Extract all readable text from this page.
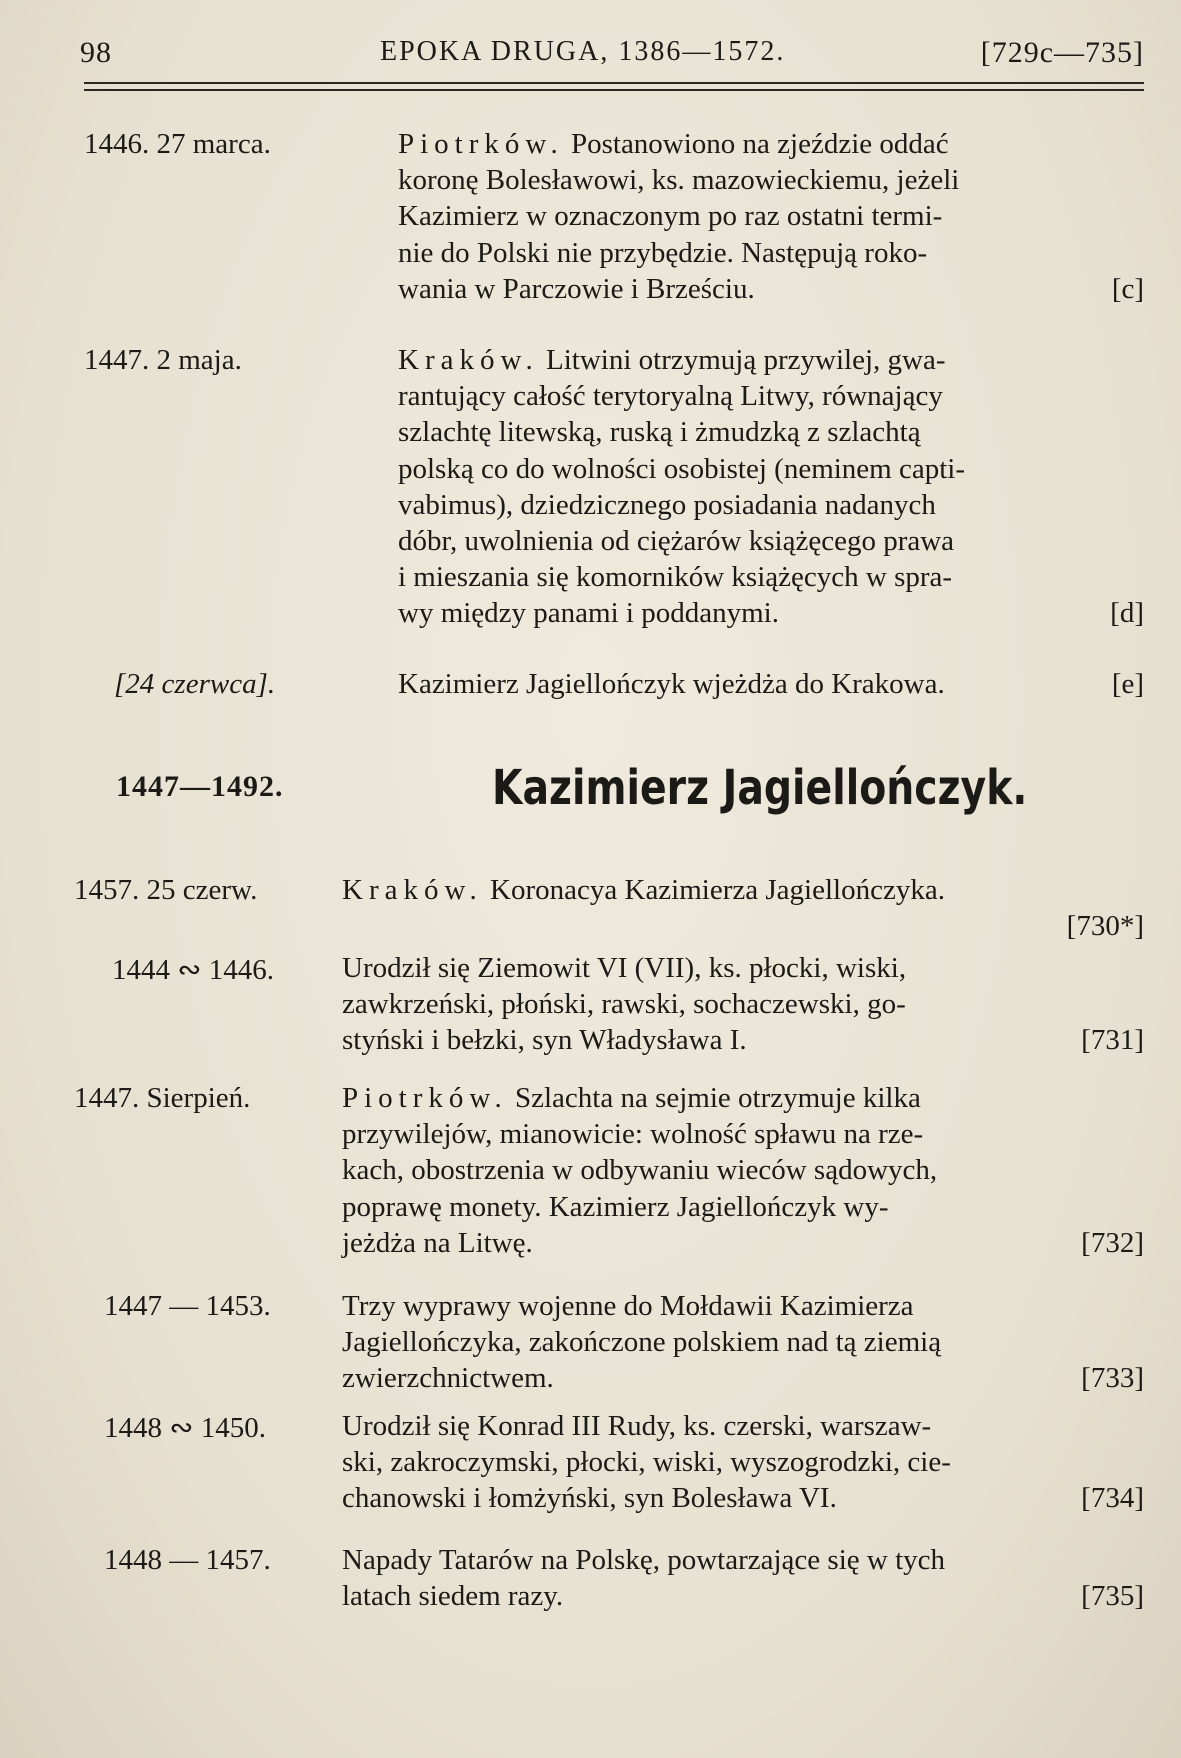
98	EPOKA DRUGA, 1386—1572.	[729c—735]
1446. 27 marca.	Piotrków. Postanowiono na zjeździe oddać
koronę Bolesławowi, ks. mazowieckiemu, jeżeli
Kazimierz w oznaczonym po raz ostatni termi-
nie do Polski nie przybędzie. Następują roko-
wania w Parczowie i Brześciu.	[c]
1447. 2 maja.	Kraków. Litwini otrzymują przywilej, gwa-
rantujący całość terytoryalną Litwy, równający
szlachtę litewską, ruską i żmudzką z szlachtą
polską co do wolności osobistej (neminem capti-
vabimus), dziedzicznego posiadania nadanych
dóbr, uwolnienia od ciężarów książęcego prawa
i mieszania się komorników książęcych w spra-
wy między panami i poddanymi.	[d]
[24 czerwca].	Kazimierz Jagiellończyk wjeżdża do Krakowa.	[e]
1447—1492.	Kazimierz Jagiellończyk.
1457. 25 czerw.	Kraków. Koronacya Kazimierza Jagiellończyka.
[730*]
1444 ∾ 1446. Urodził się Ziemowit VI (VII), ks. płocki, wiski,
zawkrzeński, płoński, rawski, sochaczewski, go-
styński i bełzki, syn Władysława I.	[731]
1447. Sierpień.	Piotrków. Szlachta na sejmie otrzymuje kilka
przywilejów, mianowicie: wolność spławu na rze-
kach, obostrzenia w odbywaniu wieców sądowych,
poprawę monety. Kazimierz Jagiellończyk wy-
jeżdża na Litwę.	[732]
1447 — 1453. Trzy wyprawy wojenne do Mołdawii Kazimierza
Jagiellończyka, zakończone polskiem nad tą ziemią
zwierzchnictwem.	[733]
1448 ∾ 1450.	Urodził się Konrad III Rudy, ks. czerski, warszaw-
ski, zakroczymski, płocki, wiski, wyszogrodzki, cie-
chanowski i łomżyński, syn Bolesława VI.	[734]
1448 — 1457. Napady Tatarów na Polskę, powtarzające się w tych
latach siedem razy.	[735]
